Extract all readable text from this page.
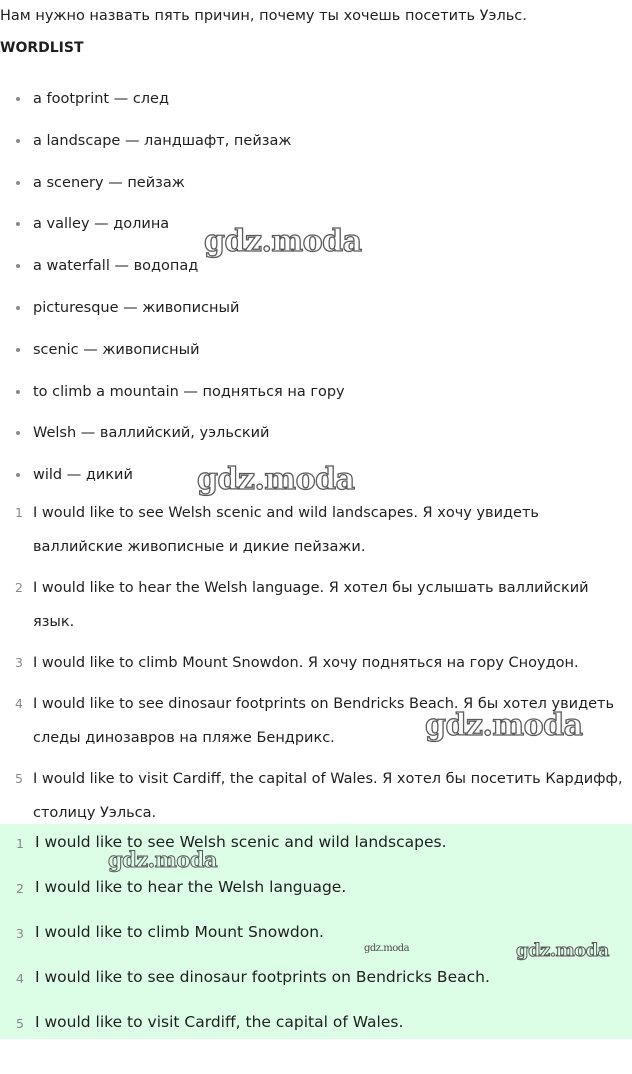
Нам нужно назвать пять причин, почему ты хочешь посетить Уэльс.
WORDLIST
a footprint — след
a landscape — ландшафт, пейзаж
a scenery — пейзаж
a valley — долина
a waterfall — водопад
picturesque — живописный
scenic — живописный
to climb a mountain — подняться на гору
Welsh — валлийский, уэльский
wild — дикий
1 I would like to see Welsh scenic and wild landscapes. Я хочу увидеть валлийские живописные и дикие пейзажи.
2 I would like to hear the Welsh language. Я хотел бы услышать валлийский язык.
3 I would like to climb Mount Snowdon. Я хочу подняться на гору Сноудон.
4 I would like to see dinosaur footprints on Bendricks Beach. Я бы хотел увидеть следы динозавров на пляже Бендрикс.
5 I would like to visit Cardiff, the capital of Wales. Я хотел бы посетить Кардифф, столицу Уэльса.
1 I would like to see Welsh scenic and wild landscapes.
2 I would like to hear the Welsh language.
3 I would like to climb Mount Snowdon.
4 I would like to see dinosaur footprints on Bendricks Beach.
5 I would like to visit Cardiff, the capital of Wales.
gdz.moda
gdz.moda
gdz.moda
gdz.moda
gdz.moda	gdz.moda
